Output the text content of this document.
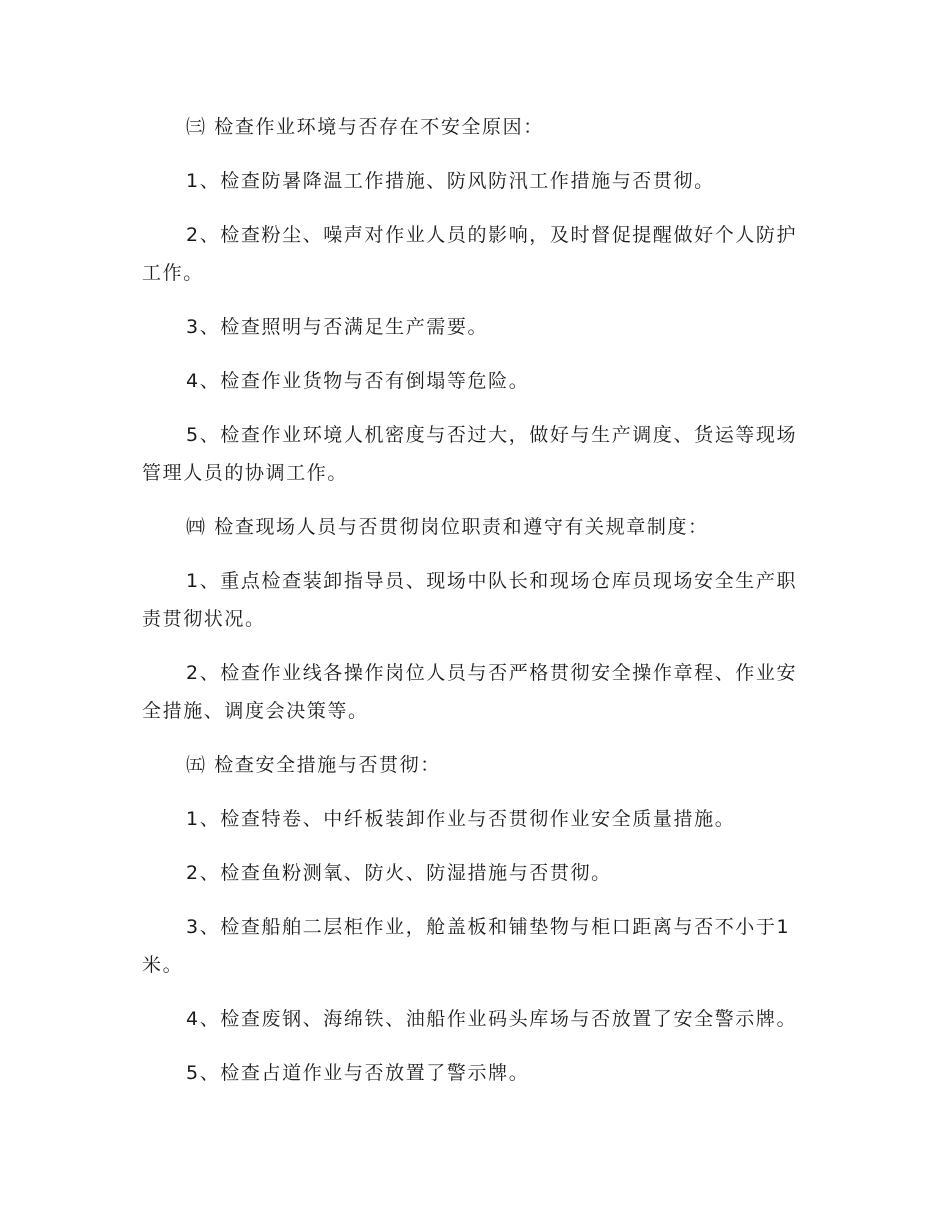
㈢ 检查作业环境与否存在不安全原因：

1、检查防暑降温工作措施、防风防汛工作措施与否贯彻。

2、检查粉尘、噪声对作业人员的影响，及时督促提醒做好个人防护工作。

3、检查照明与否满足生产需要。

4、检查作业货物与否有倒塌等危险。

5、检查作业环境人机密度与否过大，做好与生产调度、货运等现场管理人员的协调工作。

㈣ 检查现场人员与否贯彻岗位职责和遵守有关规章制度：

1、重点检查装卸指导员、现场中队长和现场仓库员现场安全生产职责贯彻状况。

2、检查作业线各操作岗位人员与否严格贯彻安全操作章程、作业安全措施、调度会决策等。

㈤ 检查安全措施与否贯彻：

1、检查特卷、中纤板装卸作业与否贯彻作业安全质量措施。

2、检查鱼粉测氧、防火、防湿措施与否贯彻。

3、检查船舶二层柜作业，舱盖板和铺垫物与柜口距离与否不小于1米。

4、检查废钢、海绵铁、油船作业码头库场与否放置了安全警示牌。

5、检查占道作业与否放置了警示牌。
